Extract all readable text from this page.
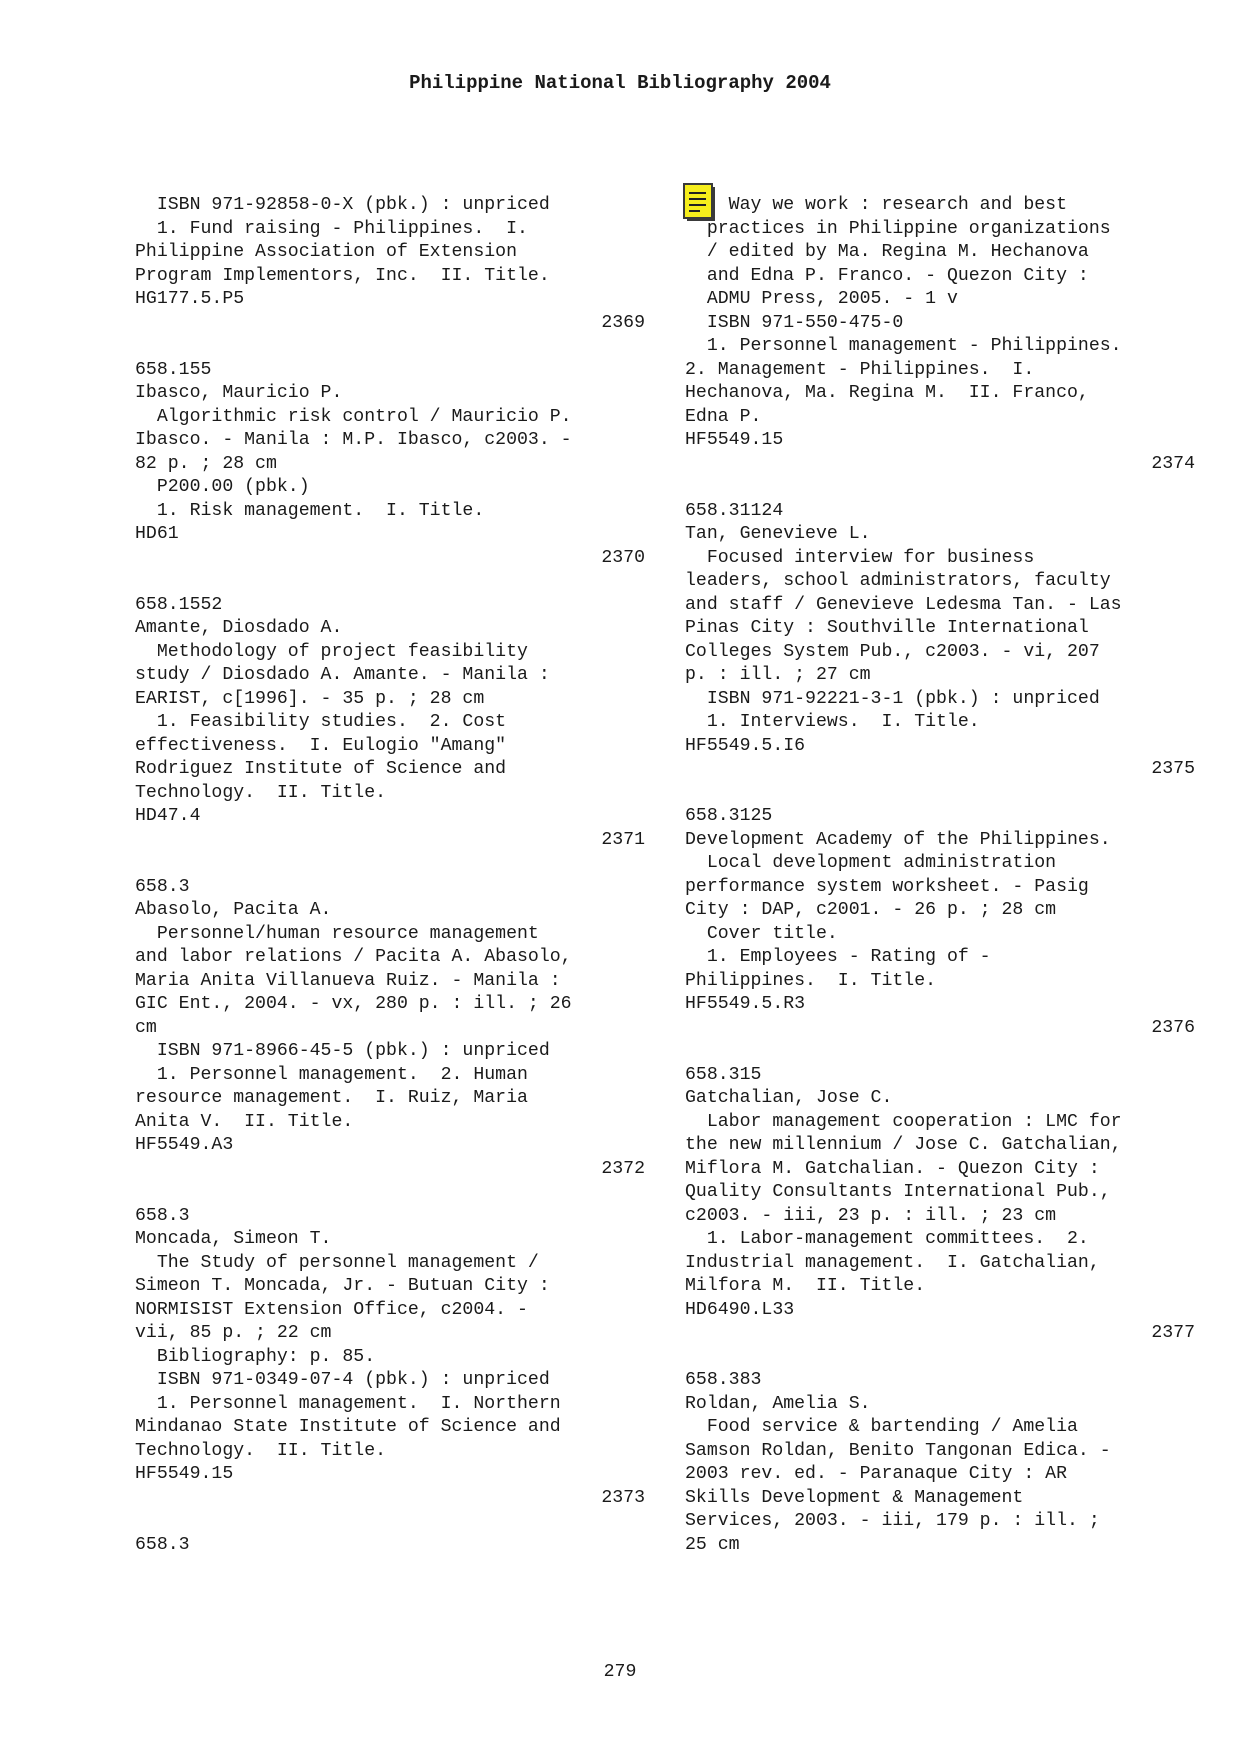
Philippine National Bibliography 2004
ISBN 971-92858-0-X (pbk.) : unpriced
1. Fund raising - Philippines.  I.
Philippine Association of Extension
Program Implementors, Inc.  II. Title.
HG177.5.P5
2369
658.155
Ibasco, Mauricio P.
Algorithmic risk control / Mauricio P.
Ibasco. - Manila : M.P. Ibasco, c2003. -
82 p. ; 28 cm
P200.00 (pbk.)
1. Risk management.  I. Title.
HD61
2370
658.1552
Amante, Diosdado A.
Methodology of project feasibility
study / Diosdado A. Amante. - Manila :
EARIST, c[1996]. - 35 p. ; 28 cm
1. Feasibility studies.  2. Cost
effectiveness.  I. Eulogio "Amang"
Rodriguez Institute of Science and
Technology.  II. Title.
HD47.4
2371
658.3
Abasolo, Pacita A.
Personnel/human resource management
and labor relations / Pacita A. Abasolo,
Maria Anita Villanueva Ruiz. - Manila :
GIC Ent., 2004. - vx, 280 p. : ill. ; 26
cm
ISBN 971-8966-45-5 (pbk.) : unpriced
1. Personnel management.  2. Human
resource management.  I. Ruiz, Maria
Anita V.  II. Title.
HF5549.A3
2372
658.3
Moncada, Simeon T.
The Study of personnel management /
Simeon T. Moncada, Jr. - Butuan City :
NORMISIST Extension Office, c2004. -
vii, 85 p. ; 22 cm
Bibliography: p. 85.
ISBN 971-0349-07-4 (pbk.) : unpriced
1. Personnel management.  I. Northern
Mindanao State Institute of Science and
Technology.  II. Title.
HF5549.15
2373
658.3
Way we work : research and best
practices in Philippine organizations
/ edited by Ma. Regina M. Hechanova
and Edna P. Franco. - Quezon City :
ADMU Press, 2005. - 1 v
ISBN 971-550-475-0
1. Personnel management - Philippines.
2. Management - Philippines.  I.
Hechanova, Ma. Regina M.  II. Franco,
Edna P.
HF5549.15
2374
658.31124
Tan, Genevieve L.
Focused interview for business
leaders, school administrators, faculty
and staff / Genevieve Ledesma Tan. - Las
Pinas City : Southville International
Colleges System Pub., c2003. - vi, 207
p. : ill. ; 27 cm
ISBN 971-92221-3-1 (pbk.) : unpriced
1. Interviews.  I. Title.
HF5549.5.I6
2375
658.3125
Development Academy of the Philippines.
Local development administration
performance system worksheet. - Pasig
City : DAP, c2001. - 26 p. ; 28 cm
Cover title.
1. Employees - Rating of -
Philippines.  I. Title.
HF5549.5.R3
2376
658.315
Gatchalian, Jose C.
Labor management cooperation : LMC for
the new millennium / Jose C. Gatchalian,
Miflora M. Gatchalian. - Quezon City :
Quality Consultants International Pub.,
c2003. - iii, 23 p. : ill. ; 23 cm
1. Labor-management committees.  2.
Industrial management.  I. Gatchalian,
Milfora M.  II. Title.
HD6490.L33
2377
658.383
Roldan, Amelia S.
Food service & bartending / Amelia
Samson Roldan, Benito Tangonan Edica. -
2003 rev. ed. - Paranaque City : AR
Skills Development & Management
Services, 2003. - iii, 179 p. : ill. ;
25 cm
279
